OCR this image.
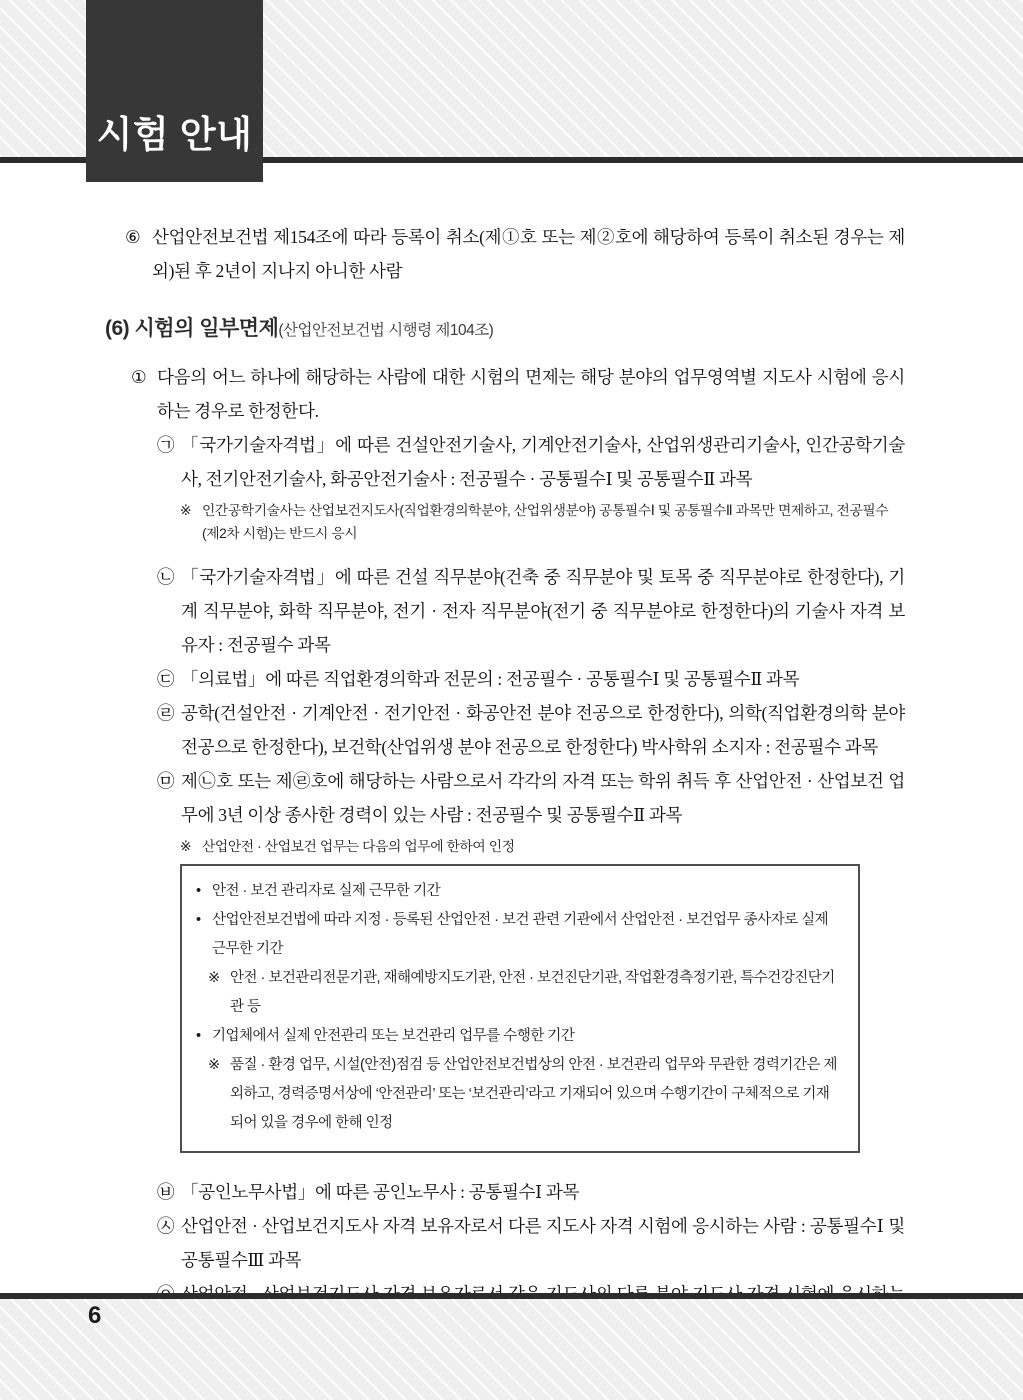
시험 안내
⑥ 산업안전보건법 제154조에 따라 등록이 취소(제①호 또는 제②호에 해당하여 등록이 취소된 경우는 제외)된 후 2년이 지나지 아니한 사람
(6) 시험의 일부면제(산업안전보건법 시행령 제104조)
① 다음의 어느 하나에 해당하는 사람에 대한 시험의 면제는 해당 분야의 업무영역별 지도사 시험에 응시하는 경우로 한정한다.
㉠ 「국가기술자격법」에 따른 건설안전기술사, 기계안전기술사, 산업위생관리기술사, 인간공학기술사, 전기안전기술사, 화공안전기술사 : 전공필수 · 공통필수Ⅰ 및 공통필수Ⅱ 과목
※ 인간공학기술사는 산업보건지도사(직업환경의학분야, 산업위생분야) 공통필수Ⅰ 및 공통필수Ⅱ 과목만 면제하고, 전공필수(제2차 시험)는 반드시 응시
㉡ 「국가기술자격법」에 따른 건설 직무분야(건축 중 직무분야 및 토목 중 직무분야로 한정한다), 기계 직무분야, 화학 직무분야, 전기 · 전자 직무분야(전기 중 직무분야로 한정한다)의 기술사 자격 보유자 : 전공필수 과목
㉢ 「의료법」에 따른 직업환경의학과 전문의 : 전공필수 · 공통필수Ⅰ 및 공통필수Ⅱ 과목
㉣ 공학(건설안전 · 기계안전 · 전기안전 · 화공안전 분야 전공으로 한정한다), 의학(직업환경의학 분야 전공으로 한정한다), 보건학(산업위생 분야 전공으로 한정한다) 박사학위 소지자 : 전공필수 과목
㉤ 제㉡호 또는 제㉣호에 해당하는 사람으로서 각각의 자격 또는 학위 취득 후 산업안전 · 산업보건 업무에 3년 이상 종사한 경력이 있는 사람 : 전공필수 및 공통필수Ⅱ 과목
※ 산업안전 · 산업보건 업무는 다음의 업무에 한하여 인정
• 안전 · 보건 관리자로 실제 근무한 기간
• 산업안전보건법에 따라 지정 · 등록된 산업안전 · 보건 관련 기관에서 산업안전 · 보건업무 종사자로 실제 근무한 기간
※ 안전 · 보건관리전문기관, 재해예방지도기관, 안전 · 보건진단기관, 작업환경측정기관, 특수건강진단기관 등
• 기업체에서 실제 안전관리 또는 보건관리 업무를 수행한 기간
※ 품질 · 환경 업무, 시설(안전)점검 등 산업안전보건법상의 안전 · 보건관리 업무와 무관한 경력기간은 제외하고, 경력증명서상에 ‘안전관리’ 또는 ‘보건관리’라고 기재되어 있으며 수행기간이 구체적으로 기재되어 있을 경우에 한해 인정
㉥ 「공인노무사법」에 따른 공인노무사 : 공통필수Ⅰ 과목
㉦ 산업안전 · 산업보건지도사 자격 보유자로서 다른 지도사 자격 시험에 응시하는 사람 : 공통필수Ⅰ 및 공통필수Ⅲ 과목
6
